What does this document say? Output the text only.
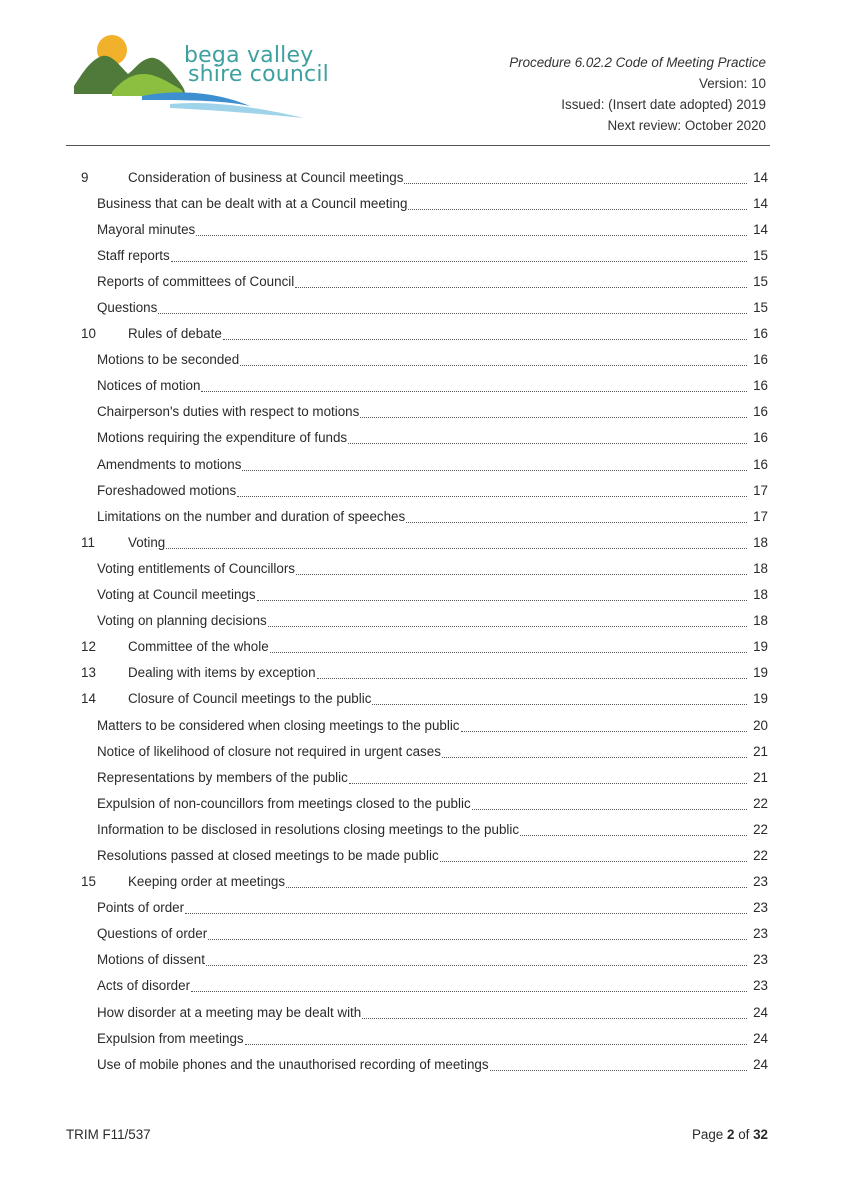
bega valley
shire council	Procedure 6.02.2 Code of Meeting Practice
Version: 10
Issued: (Insert date adopted) 2019
Next review: October 2020
9	Consideration of business at Council meetings	14
Business that can be dealt with at a Council meeting	14
Mayoral minutes	14
Staff reports	15
Reports of committees of Council	15
Questions	15
10	Rules of debate	16
Motions to be seconded	16
Notices of motion	16
Chairperson's duties with respect to motions	16
Motions requiring the expenditure of funds	16
Amendments to motions	16
Foreshadowed motions	17
Limitations on the number and duration of speeches	17
11	Voting	18
Voting entitlements of Councillors	18
Voting at Council meetings	18
Voting on planning decisions	18
12	Committee of the whole	19
13	Dealing with items by exception	19
14	Closure of Council meetings to the public	19
Matters to be considered when closing meetings to the public	20
Notice of likelihood of closure not required in urgent cases	21
Representations by members of the public	21
Expulsion of non-councillors from meetings closed to the public	22
Information to be disclosed in resolutions closing meetings to the public	22
Resolutions passed at closed meetings to be made public	22
15	Keeping order at meetings	23
Points of order	23
Questions of order	23
Motions of dissent	23
Acts of disorder	23
How disorder at a meeting may be dealt with	24
Expulsion from meetings	24
Use of mobile phones and the unauthorised recording of meetings	24
TRIM F11/537	Page 2 of 32
